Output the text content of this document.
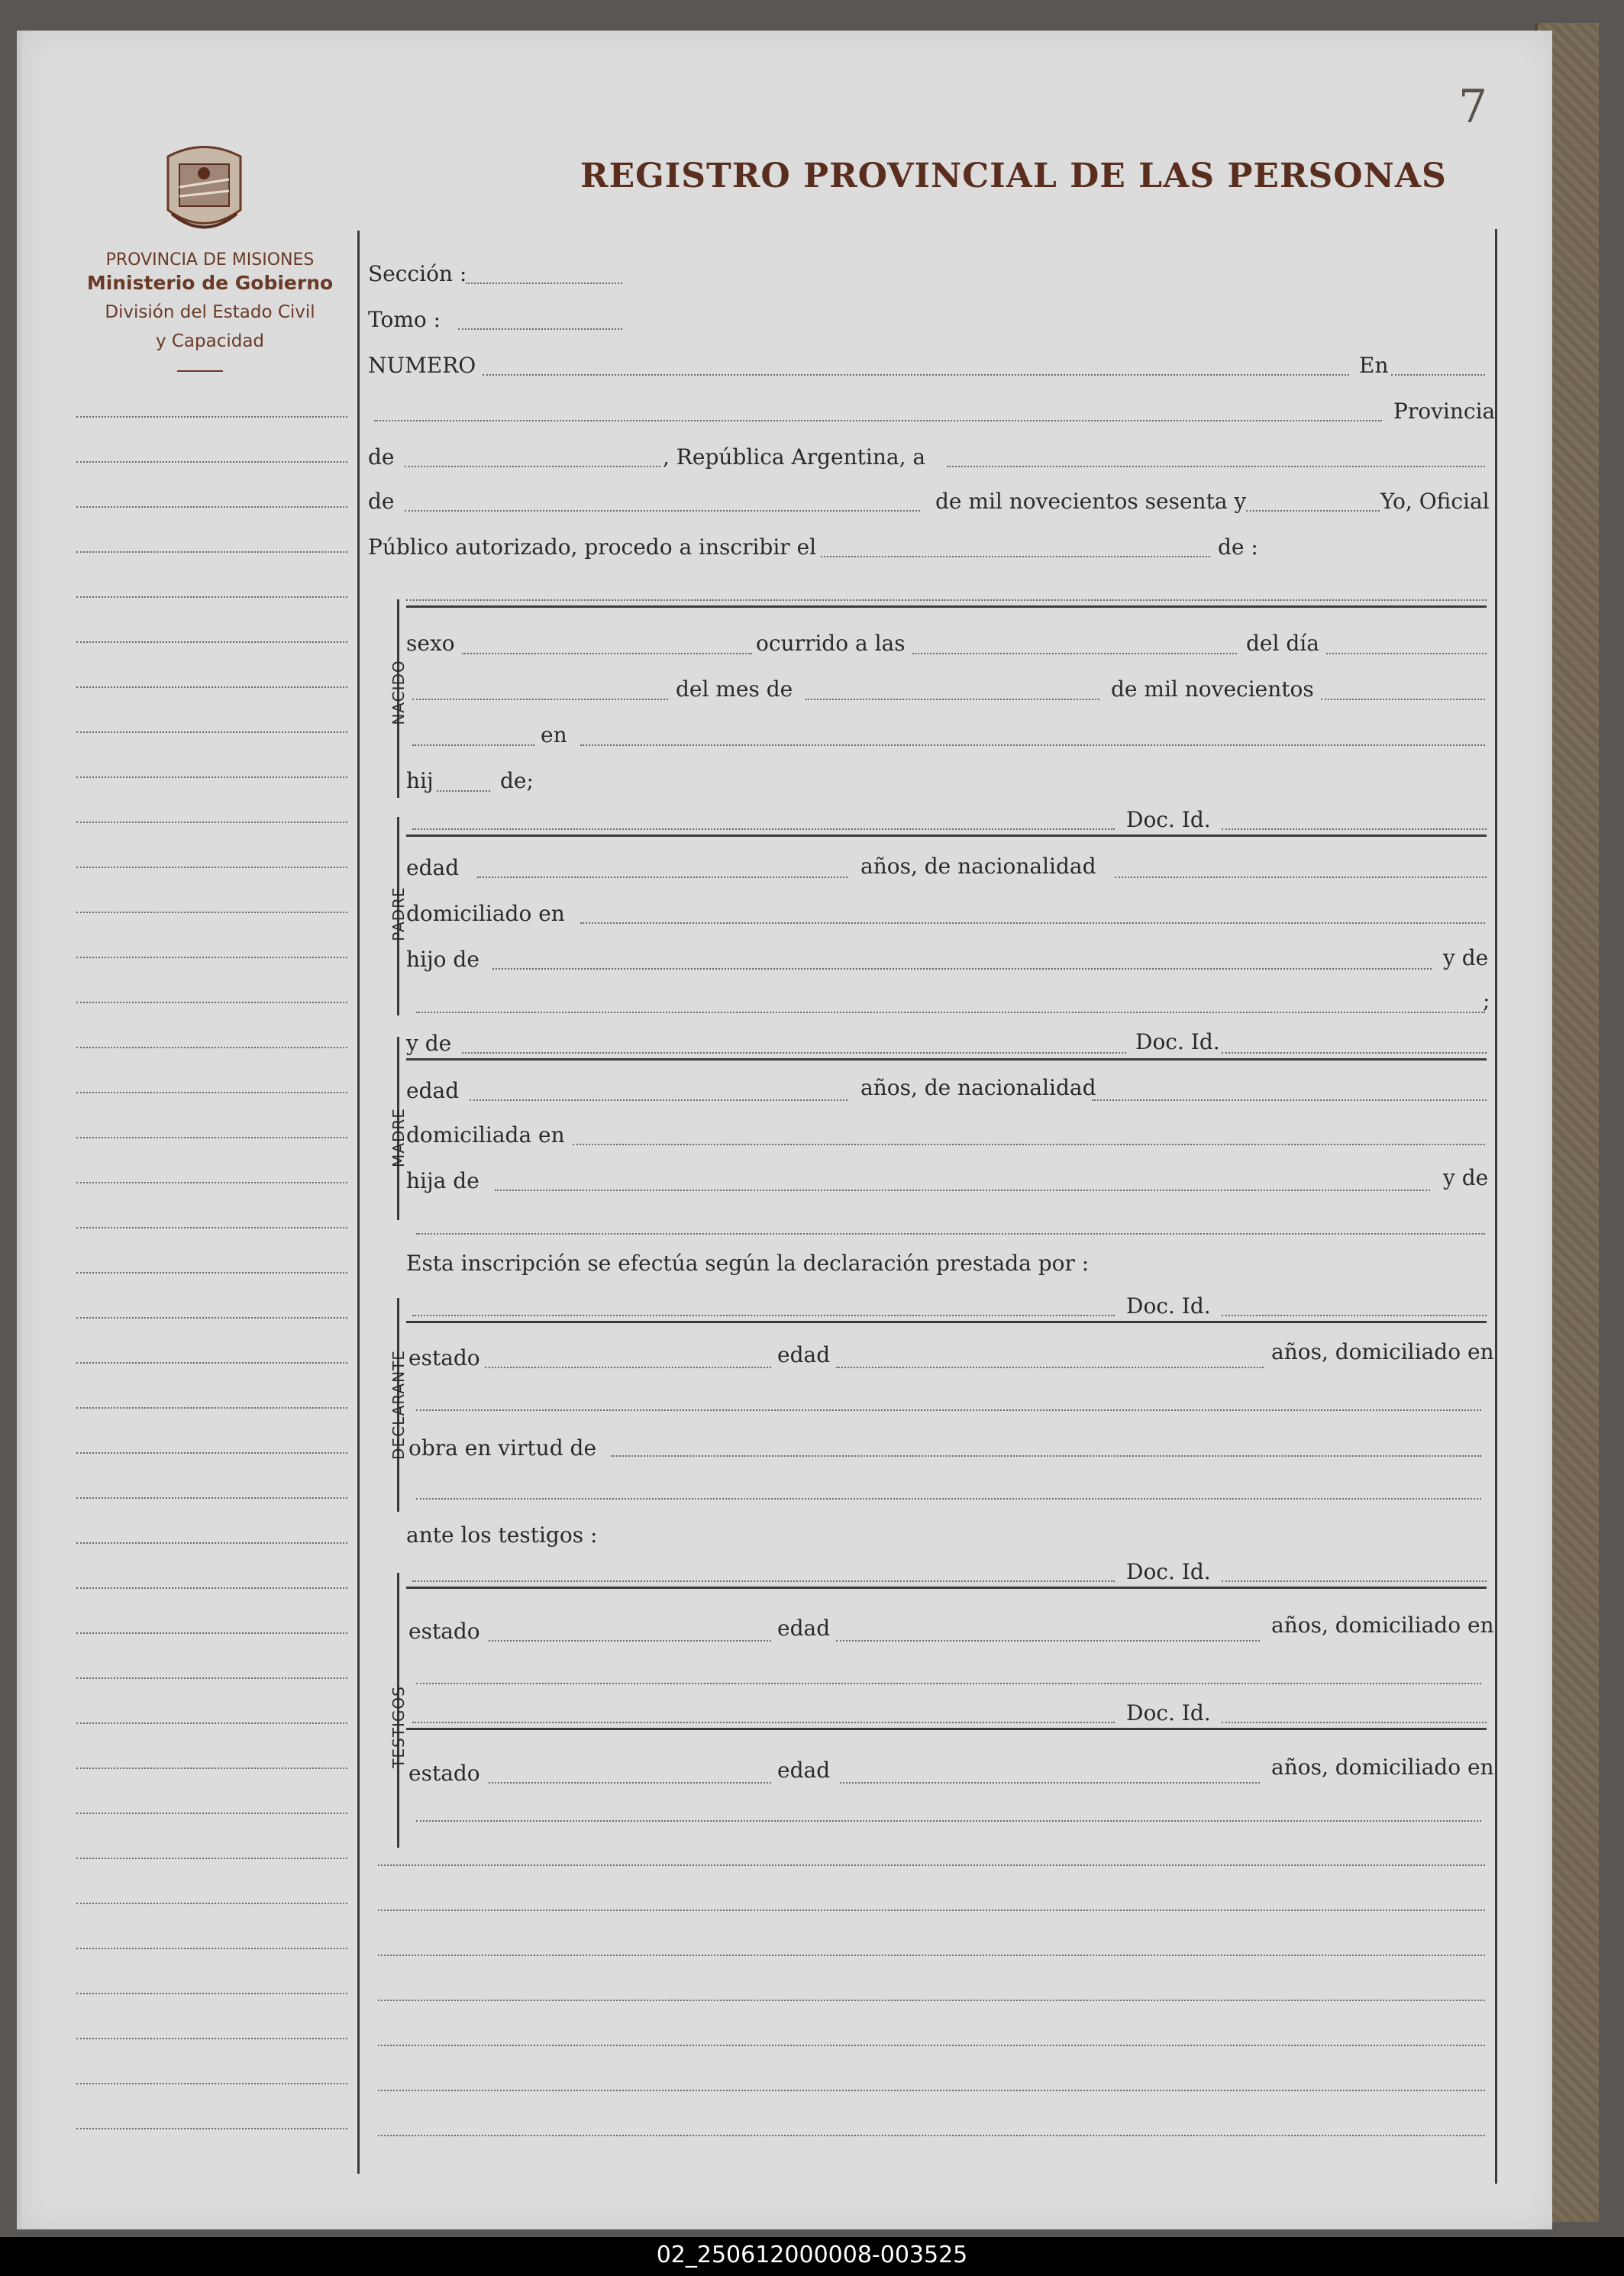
7
PROVINCIA DE MISIONES
Ministerio de Gobierno
División del Estado Civil
y Capacidad
REGISTRO PROVINCIAL DE LAS PERSONAS
Sección :
Tomo :
NUMERO	En
Provincia
de	, República Argentina, a
de	de mil novecientos sesenta y	Yo, Oficial
Público autorizado, procedo a inscribir el	de :
NACIDO
sexo	ocurrido a las	del día
del mes de	de mil novecientos
en
hij	de;
PADRE
Doc. Id.
edad	años, de nacionalidad
domiciliado en
hijo de	y de
;
MADRE
y de	Doc. Id.
edad	años, de nacionalidad
domiciliada en
hija de	y de
Esta inscripción se efectúa según la declaración prestada por :
DECLARANTE
Doc. Id.
estado	edad	años, domiciliado en
obra en virtud de
ante los testigos :
TESTIGOS
Doc. Id.
estado	edad	años, domiciliado en
Doc. Id.
estado	edad	años, domiciliado en
02_250612000008-003525
